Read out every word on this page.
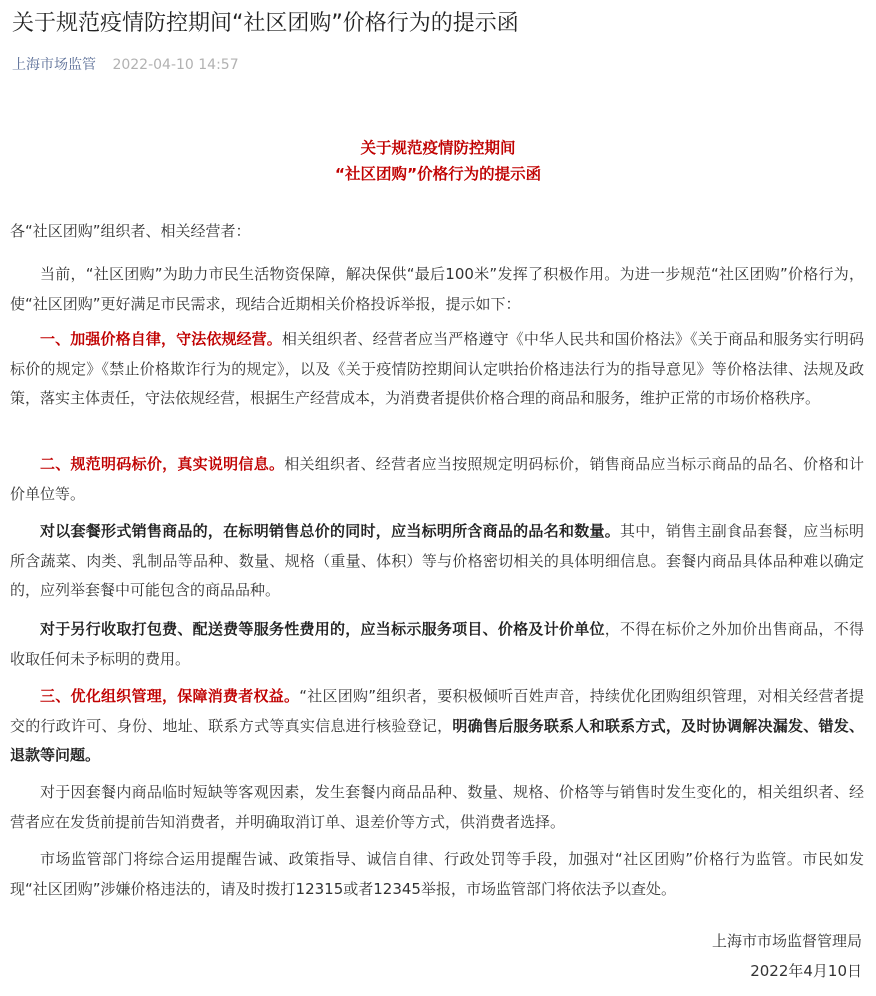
关于规范疫情防控期间“社区团购”价格行为的提示函
上海市场监管 2022-04-10 14:57
关于规范疫情防控期间
“社区团购”价格行为的提示函
各“社区团购”组织者、相关经营者：

当前，“社区团购”为助力市民生活物资保障，解决保供“最后100米”发挥了积极作用。为进一步规范“社区团购”价格行为，使“社区团购”更好满足市民需求，现结合近期相关价格投诉举报，提示如下：

一、加强价格自律，守法依规经营。相关组织者、经营者应当严格遵守《中华人民共和国价格法》《关于商品和服务实行明码标价的规定》《禁止价格欺诈行为的规定》，以及《关于疫情防控期间认定哄抬价格违法行为的指导意见》等价格法律、法规及政策，落实主体责任，守法依规经营，根据生产经营成本，为消费者提供价格合理的商品和服务，维护正常的市场价格秩序。

二、规范明码标价，真实说明信息。相关组织者、经营者应当按照规定明码标价，销售商品应当标示商品的品名、价格和计价单位等。

对以套餐形式销售商品的，在标明销售总价的同时，应当标明所含商品的品名和数量。其中，销售主副食品套餐，应当标明所含蔬菜、肉类、乳制品等品种、数量、规格（重量、体积）等与价格密切相关的具体明细信息。套餐内商品具体品种难以确定的，应列举套餐中可能包含的商品品种。

对于另行收取打包费、配送费等服务性费用的，应当标示服务项目、价格及计价单位，不得在标价之外加价出售商品，不得收取任何未予标明的费用。

三、优化组织管理，保障消费者权益。“社区团购”组织者，要积极倾听百姓声音，持续优化团购组织管理，对相关经营者提交的行政许可、身份、地址、联系方式等真实信息进行核验登记，明确售后服务联系人和联系方式，及时协调解决漏发、错发、退款等问题。

对于因套餐内商品临时短缺等客观因素，发生套餐内商品品种、数量、规格、价格等与销售时发生变化的，相关组织者、经营者应在发货前提前告知消费者，并明确取消订单、退差价等方式，供消费者选择。

市场监管部门将综合运用提醒告诫、政策指导、诚信自律、行政处罚等手段，加强对“社区团购”价格行为监管。市民如发现“社区团购”涉嫌价格违法的，请及时拨打12315或者12345举报，市场监管部门将依法予以查处。

上海市市场监督管理局
2022年4月10日
